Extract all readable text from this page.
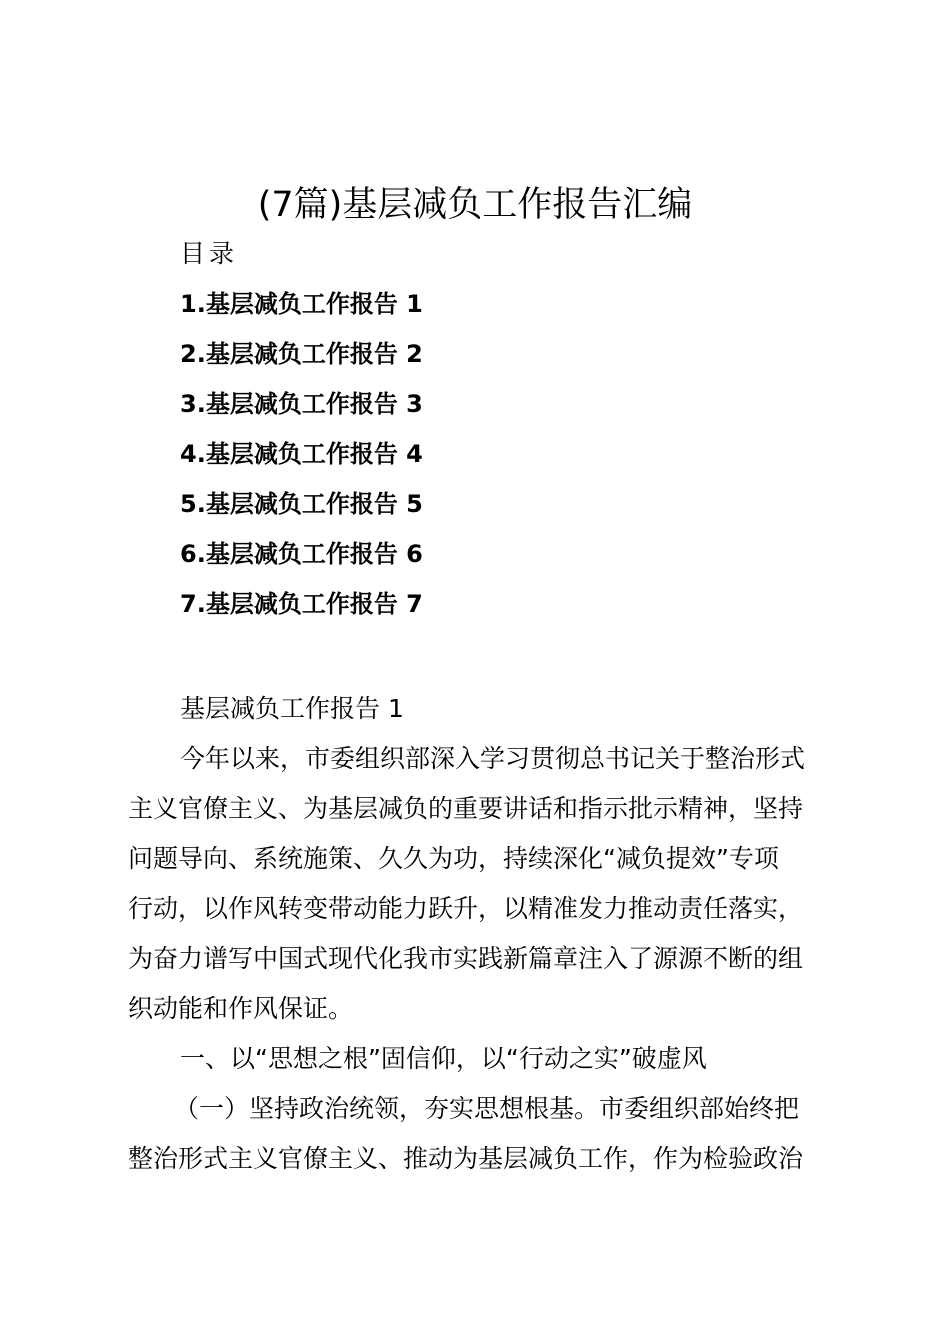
(7篇)基层减负工作报告汇编
目录
1.基层减负工作报告 1
2.基层减负工作报告 2
3.基层减负工作报告 3
4.基层减负工作报告 4
5.基层减负工作报告 5
6.基层减负工作报告 6
7.基层减负工作报告 7
基层减负工作报告 1
今年以来，市委组织部深入学习贯彻总书记关于整治形式
主义官僚主义、为基层减负的重要讲话和指示批示精神，坚持
问题导向、系统施策、久久为功，持续深化“减负提效”专项
行动，以作风转变带动能力跃升，以精准发力推动责任落实，
为奋力谱写中国式现代化我市实践新篇章注入了源源不断的组
织动能和作风保证。
一、以“思想之根”固信仰，以“行动之实”破虚风
（一）坚持政治统领，夯实思想根基。市委组织部始终把
整治形式主义官僚主义、推动为基层减负工作，作为检验政治
